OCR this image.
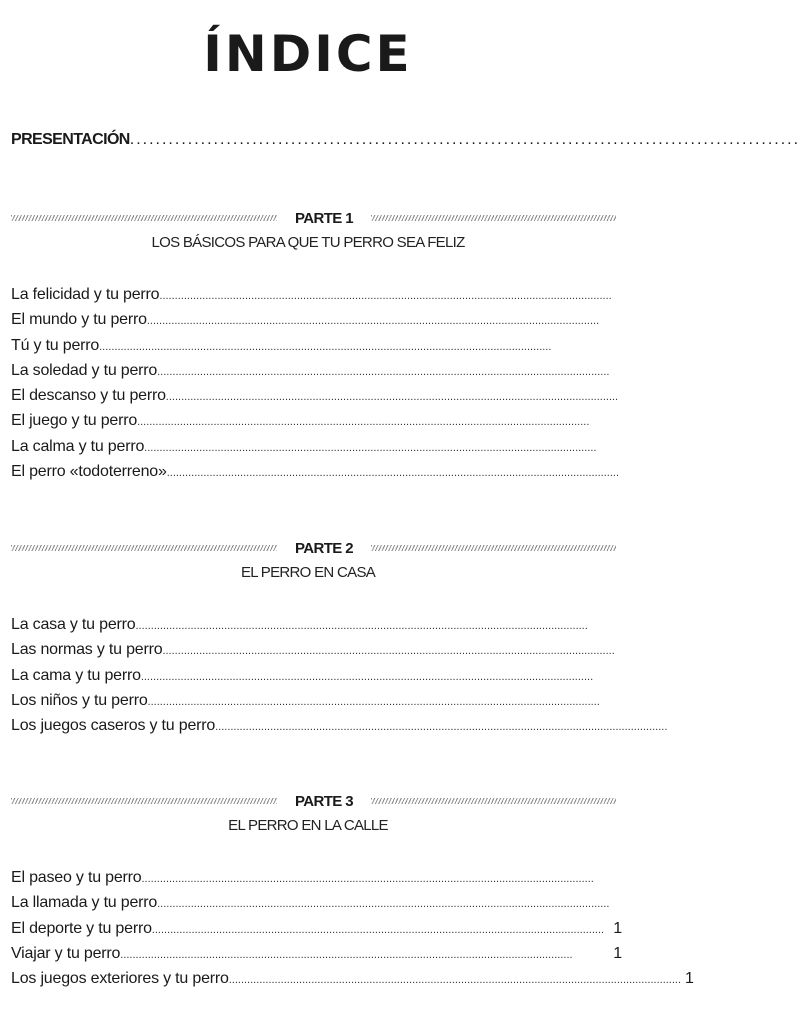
ÍNDICE
PRESENTACIÓN ........................................................................................................
PARTE 1
LOS BÁSICOS PARA QUE TU PERRO SEA FELIZ
La felicidad y tu perro ....................................................................................................................................................
El mundo y tu perro ....................................................................................................................................................
Tú y tu perro ....................................................................................................................................................
La soledad y tu perro ....................................................................................................................................................
El descanso y tu perro ....................................................................................................................................................
El juego y tu perro ....................................................................................................................................................
La calma y tu perro ....................................................................................................................................................
El perro «todoterreno» ....................................................................................................................................................
PARTE 2
EL PERRO EN CASA
La casa y tu perro ....................................................................................................................................................
Las normas y tu perro ....................................................................................................................................................
La cama y tu perro ....................................................................................................................................................
Los niños y tu perro ....................................................................................................................................................
Los juegos caseros y tu perro ....................................................................................................................................................
PARTE 3
EL PERRO EN LA CALLE
El paseo y tu perro ....................................................................................................................................................
La llamada y tu perro ....................................................................................................................................................
El deporte y tu perro .................................................................................................................................................... 1
Viajar y tu perro ....................................................................................................................................................	1
Los juegos exteriores y tu perro .................................................................................................................................................... 1
